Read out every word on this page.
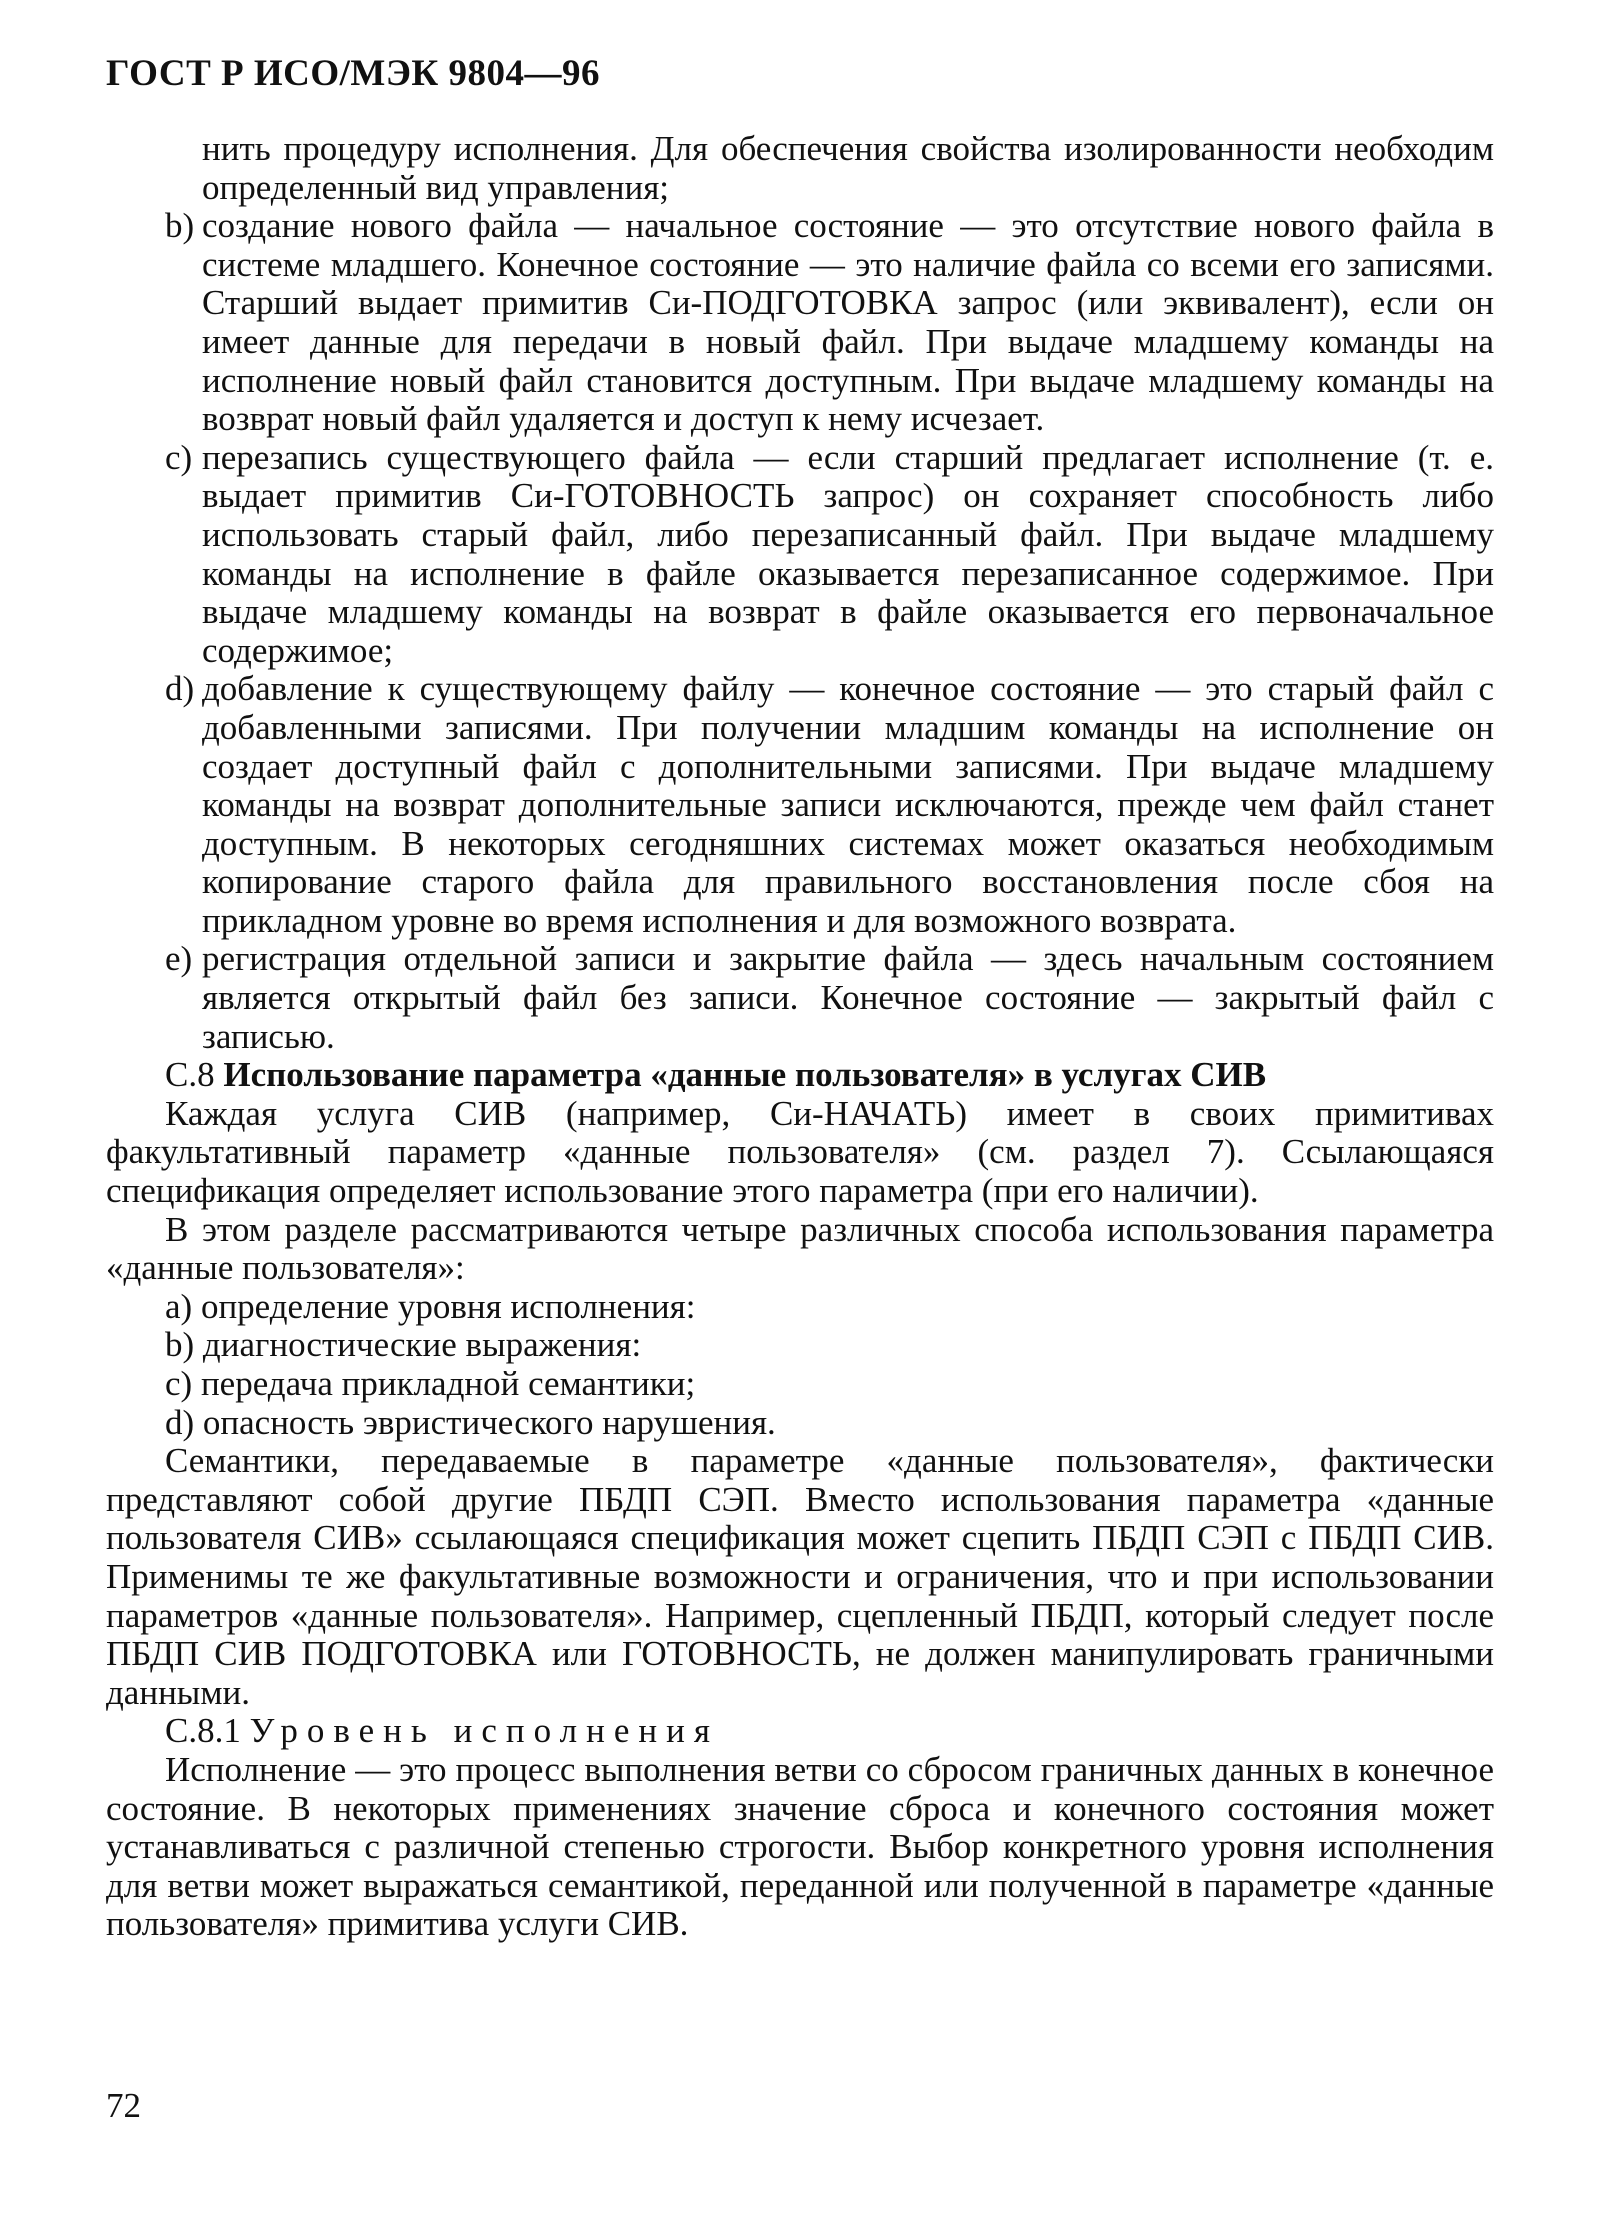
ГОСТ Р ИСО/МЭК 9804—96

нить процедуру исполнения. Для обеспечения свойства изолированности необходим определенный вид управления;

b) создание нового файла — начальное состояние — это отсутствие нового файла в системе младшего. Конечное состояние — это наличие файла со всеми его записями. Старший выдает примитив Си-ПОДГОТОВКА запрос (или эквивалент), если он имеет данные для передачи в новый файл. При выдаче младшему команды на исполнение новый файл становится доступным. При выдаче младшему команды на возврат новый файл удаляется и доступ к нему исчезает.
c) перезапись существующего файла — если старший предлагает исполнение (т. е. выдает примитив Си-ГОТОВНОСТЬ запрос) он сохраняет способность либо использовать старый файл, либо перезаписанный файл. При выдаче младшему команды на исполнение в файле оказывается перезаписанное содержимое. При выдаче младшему команды на возврат в файле оказывается его первоначальное содержимое;
d) добавление к существующему файлу — конечное состояние — это старый файл с добавленными записями. При получении младшим команды на исполнение он создает доступный файл с дополнительными записями. При выдаче младшему команды на возврат дополнительные записи исключаются, прежде чем файл станет доступным. В некоторых сегодняшних системах может оказаться необходимым копирование старого файла для правильного восстановления после сбоя на прикладном уровне во время исполнения и для возможного возврата.
e) регистрация отдельной записи и закрытие файла — здесь начальным состоянием является открытый файл без записи. Конечное состояние — закрытый файл с записью.

С.8 Использование параметра «данные пользователя» в услугах СИВ

Каждая услуга СИВ (например, Си-НАЧАТЬ) имеет в своих примитивах факультативный параметр «данные пользователя» (см. раздел 7). Ссылающаяся спецификация определяет использование этого параметра (при его наличии).

В этом разделе рассматриваются четыре различных способа использования параметра «данные пользователя»:

а) определение уровня исполнения:

b) диагностические выражения:

c) передача прикладной семантики;

d) опасность эвристического нарушения.

Семантики, передаваемые в параметре «данные пользователя», фактически представляют собой другие ПБДП СЭП. Вместо использования параметра «данные пользователя СИВ» ссылающаяся спецификация может сцепить ПБДП СЭП с ПБДП СИВ. Применимы те же факультативные возможности и ограничения, что и при использовании параметров «данные пользователя». Например, сцепленный ПБДП, который следует после ПБДП СИВ ПОДГОТОВКА или ГОТОВНОСТЬ, не должен манипулировать граничными данными.

С.8.1 Уровень исполнения

Исполнение — это процесс выполнения ветви со сбросом граничных данных в конечное состояние. В некоторых применениях значение сброса и конечного состояния может устанавливаться с различной степенью строгости. Выбор конкретного уровня исполнения для ветви может выражаться семантикой, переданной или полученной в параметре «данные пользователя» примитива услуги СИВ.

72
